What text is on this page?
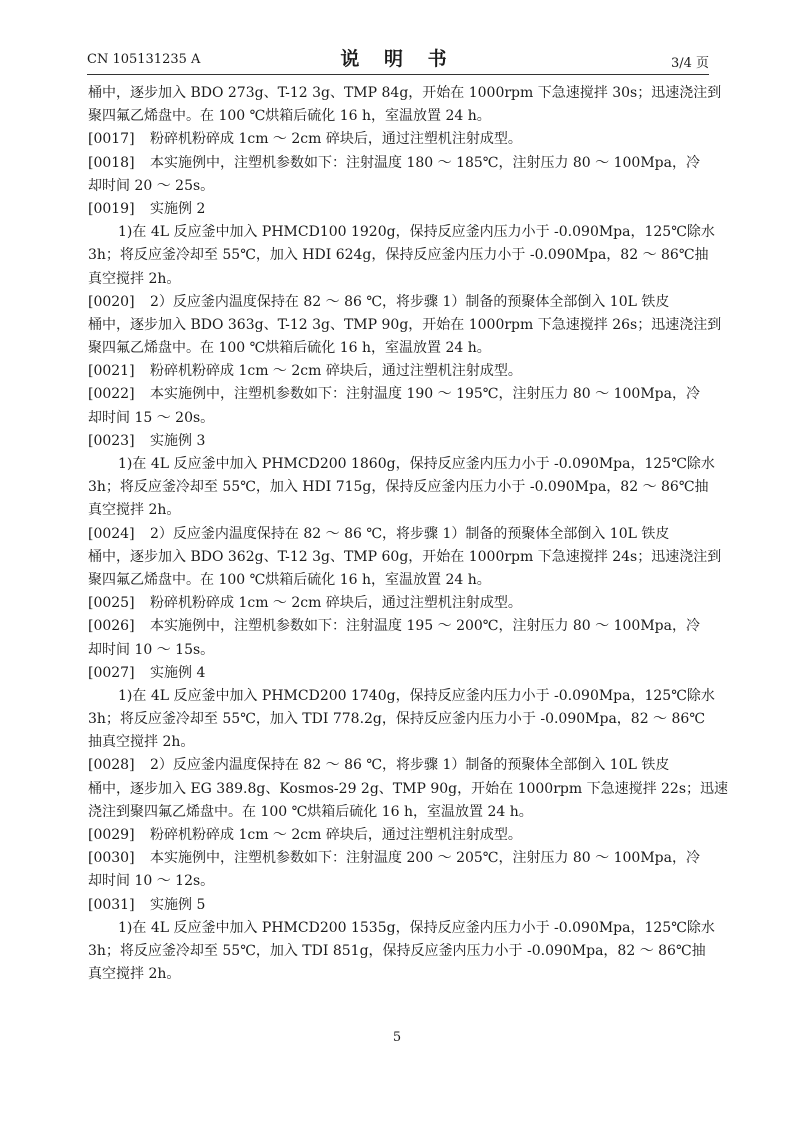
CN 105131235 A	说 明 书	3/4 页
桶中，逐步加入 BDO 273g、T-12 3g、TMP 84g，开始在 1000rpm 下急速搅拌 30s；迅速浇注到
聚四氟乙烯盘中。在 100 ℃烘箱后硫化 16 h，室温放置 24 h。
[0017] 粉碎机粉碎成 1cm ～ 2cm 碎块后，通过注塑机注射成型。
[0018] 本实施例中，注塑机参数如下：注射温度 180 ～ 185℃，注射压力 80 ～ 100Mpa，冷
却时间 20 ～ 25s。
[0019] 实施例 2
1)在 4L 反应釜中加入 PHMCD100 1920g，保持反应釜内压力小于 -0.090Mpa，125℃除水
3h；将反应釜冷却至 55℃，加入 HDI 624g，保持反应釜内压力小于 -0.090Mpa，82 ～ 86℃抽
真空搅拌 2h。
[0020] 2）反应釜内温度保持在 82 ～ 86 ℃，将步骤 1）制备的预聚体全部倒入 10L 铁皮
桶中，逐步加入 BDO 363g、T-12 3g、TMP 90g，开始在 1000rpm 下急速搅拌 26s；迅速浇注到
聚四氟乙烯盘中。在 100 ℃烘箱后硫化 16 h，室温放置 24 h。
[0021] 粉碎机粉碎成 1cm ～ 2cm 碎块后，通过注塑机注射成型。
[0022] 本实施例中，注塑机参数如下：注射温度 190 ～ 195℃，注射压力 80 ～ 100Mpa，冷
却时间 15 ～ 20s。
[0023] 实施例 3
1)在 4L 反应釜中加入 PHMCD200 1860g，保持反应釜内压力小于 -0.090Mpa，125℃除水
3h；将反应釜冷却至 55℃，加入 HDI 715g，保持反应釜内压力小于 -0.090Mpa，82 ～ 86℃抽
真空搅拌 2h。
[0024] 2）反应釜内温度保持在 82 ～ 86 ℃，将步骤 1）制备的预聚体全部倒入 10L 铁皮
桶中，逐步加入 BDO 362g、T-12 3g、TMP 60g，开始在 1000rpm 下急速搅拌 24s；迅速浇注到
聚四氟乙烯盘中。在 100 ℃烘箱后硫化 16 h，室温放置 24 h。
[0025] 粉碎机粉碎成 1cm ～ 2cm 碎块后，通过注塑机注射成型。
[0026] 本实施例中，注塑机参数如下：注射温度 195 ～ 200℃，注射压力 80 ～ 100Mpa，冷
却时间 10 ～ 15s。
[0027] 实施例 4
1)在 4L 反应釜中加入 PHMCD200 1740g，保持反应釜内压力小于 -0.090Mpa，125℃除水
3h；将反应釜冷却至 55℃，加入 TDI 778.2g，保持反应釜内压力小于 -0.090Mpa，82 ～ 86℃
抽真空搅拌 2h。
[0028] 2）反应釜内温度保持在 82 ～ 86 ℃，将步骤 1）制备的预聚体全部倒入 10L 铁皮
桶中，逐步加入 EG 389.8g、Kosmos-29 2g、TMP 90g，开始在 1000rpm 下急速搅拌 22s；迅速
浇注到聚四氟乙烯盘中。在 100 ℃烘箱后硫化 16 h，室温放置 24 h。
[0029] 粉碎机粉碎成 1cm ～ 2cm 碎块后，通过注塑机注射成型。
[0030] 本实施例中，注塑机参数如下：注射温度 200 ～ 205℃，注射压力 80 ～ 100Mpa，冷
却时间 10 ～ 12s。
[0031] 实施例 5
1)在 4L 反应釜中加入 PHMCD200 1535g，保持反应釜内压力小于 -0.090Mpa，125℃除水
3h；将反应釜冷却至 55℃，加入 TDI 851g，保持反应釜内压力小于 -0.090Mpa，82 ～ 86℃抽
真空搅拌 2h。
5
